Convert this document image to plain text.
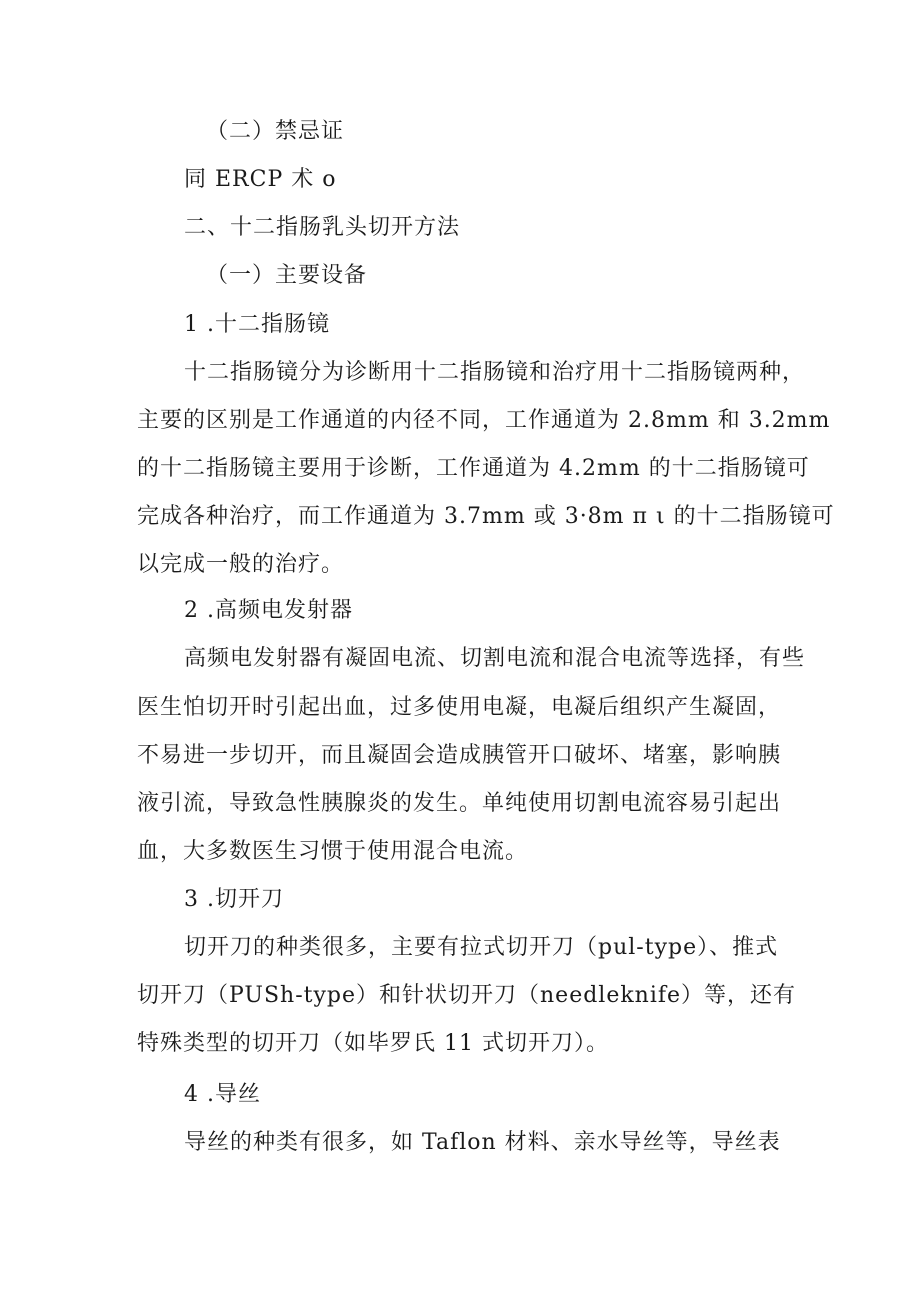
（二）禁忌证
同 ERCP 术 o
二、十二指肠乳头切开方法
（一）主要设备
1 .十二指肠镜
十二指肠镜分为诊断用十二指肠镜和治疗用十二指肠镜两种，
主要的区别是工作通道的内径不同，工作通道为 2.8mm 和 3.2mm
的十二指肠镜主要用于诊断，工作通道为 4.2mm 的十二指肠镜可
完成各种治疗，而工作通道为 3.7mm 或 3·8m π ι 的十二指肠镜可
以完成一般的治疗。
2 .高频电发射器
高频电发射器有凝固电流、切割电流和混合电流等选择，有些
医生怕切开时引起出血，过多使用电凝，电凝后组织产生凝固，
不易进一步切开，而且凝固会造成胰管开口破坏、堵塞，影响胰
液引流，导致急性胰腺炎的发生。单纯使用切割电流容易引起出
血，大多数医生习惯于使用混合电流。
3 .切开刀
切开刀的种类很多，主要有拉式切开刀（pul-type）、推式
切开刀（PUSh-type）和针状切开刀（needleknife）等，还有
特殊类型的切开刀（如毕罗氏 11 式切开刀）。
4 .导丝
导丝的种类有很多，如 Taflon 材料、亲水导丝等，导丝表
